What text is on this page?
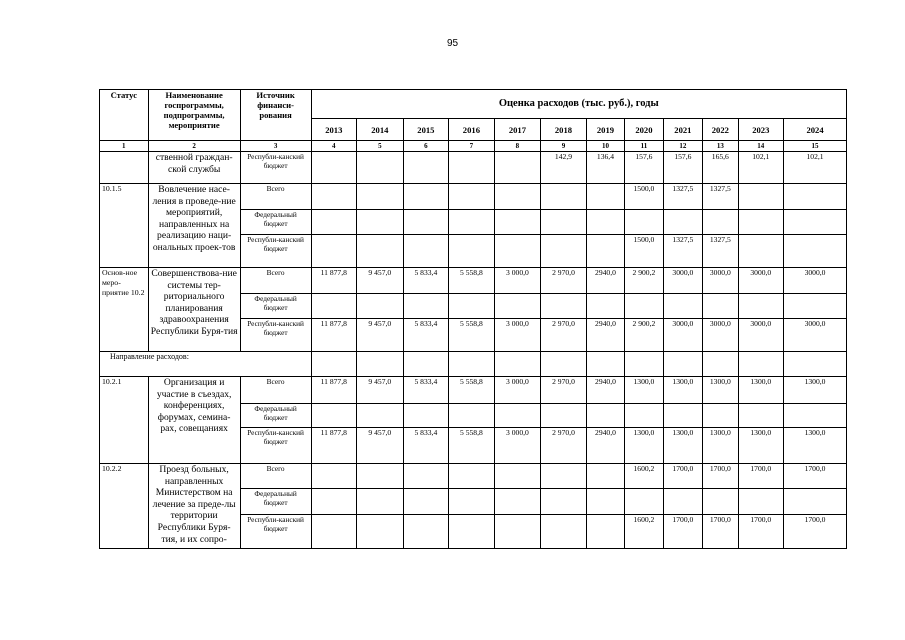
95
Статус	Наименование госпрограммы, подпрограммы, мероприятие	Источник финанси-рования	Оценка расходов (тыс. руб.), годы											
			2013	2014	2015	2016	2017	2018	2019	2020	2021	2022	2023	2024
1	2	3	4	5	6	7	8	9	10	11	12	13	14	15
	ственной граждан-ской службы	Республи-канский бюджет						142,9	136,4	157,6	157,6	165,6	102,1	102,1
10.1.5	Вовлечение насе-ления в проведе-ние мероприятий, направленных на реализацию нaци-ональных проек-тов	Всего								1500,0	1327,5	1327,5		
		Федеральный бюджет												
		Республи-канский бюджет								1500,0	1327,5	1327,5		
Основ-ное меро-приятие 10.2	Совершенствова-ние системы тер-риториального планирования здравоохранения Республики Буря-тия	Всего	11 877,8	9 457,0	5 833,4	5 558,8	3 000,0	2 970,0	2940,0	2 900,2	3000,0	3000,0	3000,0	3000,0
		Федеральный бюджет												
		Республи-канский бюджет	11 877,8	9 457,0	5 833,4	5 558,8	3 000,0	2 970,0	2940,0	2 900,2	3000,0	3000,0	3000,0	3000,0
Направление расходов:														
10.2.1	Организация и участие в съездах, конференциях, форумах, семина-рах, совещаниях	Всего	11 877,8	9 457,0	5 833,4	5 558,8	3 000,0	2 970,0	2940,0	1300,0	1300,0	1300,0	1300,0	1300,0
		Федеральный бюджет												
		Республи-канский бюджет	11 877,8	9 457,0	5 833,4	5 558,8	3 000,0	2 970,0	2940,0	1300,0	1300,0	1300,0	1300,0	1300,0
10.2.2	Проезд больных, направленных Министерством на лечение за преде-лы территории Республики Буря-тия, и их сопро-	Всего								1600,2	1700,0	1700,0	1700,0	1700,0
		Федеральный бюджет												
		Республи-канский бюджет								1600,2	1700,0	1700,0	1700,0	1700,0
